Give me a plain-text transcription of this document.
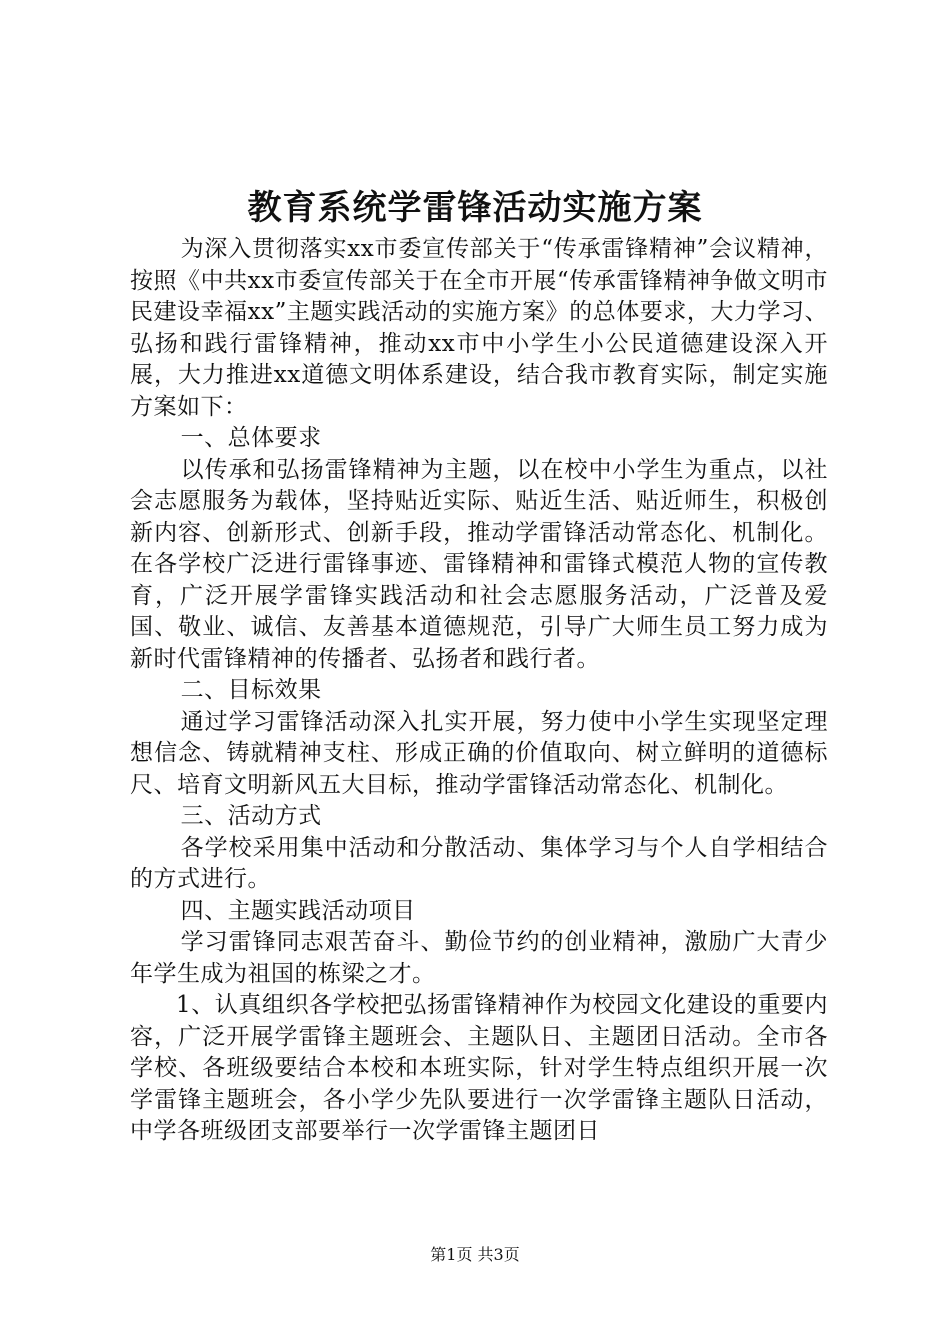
教育系统学雷锋活动实施方案

为深入贯彻落实xx市委宣传部关于“传承雷锋精神”会议精神，按照《中共xx市委宣传部关于在全市开展“传承雷锋精神争做文明市民建设幸福xx”主题实践活动的实施方案》的总体要求，大力学习、弘扬和践行雷锋精神，推动xx市中小学生小公民道德建设深入开展，大力推进xx道德文明体系建设，结合我市教育实际，制定实施方案如下：

一、总体要求

以传承和弘扬雷锋精神为主题，以在校中小学生为重点，以社会志愿服务为载体，坚持贴近实际、贴近生活、贴近师生，积极创新内容、创新形式、创新手段，推动学雷锋活动常态化、机制化。在各学校广泛进行雷锋事迹、雷锋精神和雷锋式模范人物的宣传教育，广泛开展学雷锋实践活动和社会志愿服务活动，广泛普及爱国、敬业、诚信、友善基本道德规范，引导广大师生员工努力成为新时代雷锋精神的传播者、弘扬者和践行者。

二、目标效果

通过学习雷锋活动深入扎实开展，努力使中小学生实现坚定理想信念、铸就精神支柱、形成正确的价值取向、树立鲜明的道德标尺、培育文明新风五大目标，推动学雷锋活动常态化、机制化。

三、活动方式

各学校采用集中活动和分散活动、集体学习与个人自学相结合的方式进行。

四、主题实践活动项目

学习雷锋同志艰苦奋斗、勤俭节约的创业精神，激励广大青少年学生成为祖国的栋梁之才。

1、认真组织各学校把弘扬雷锋精神作为校园文化建设的重要内容，广泛开展学雷锋主题班会、主题队日、主题团日活动。全市各学校、各班级要结合本校和本班实际，针对学生特点组织开展一次学雷锋主题班会，各小学少先队要进行一次学雷锋主题队日活动，中学各班级团支部要举行一次学雷锋主题团日

第1页 共3页
